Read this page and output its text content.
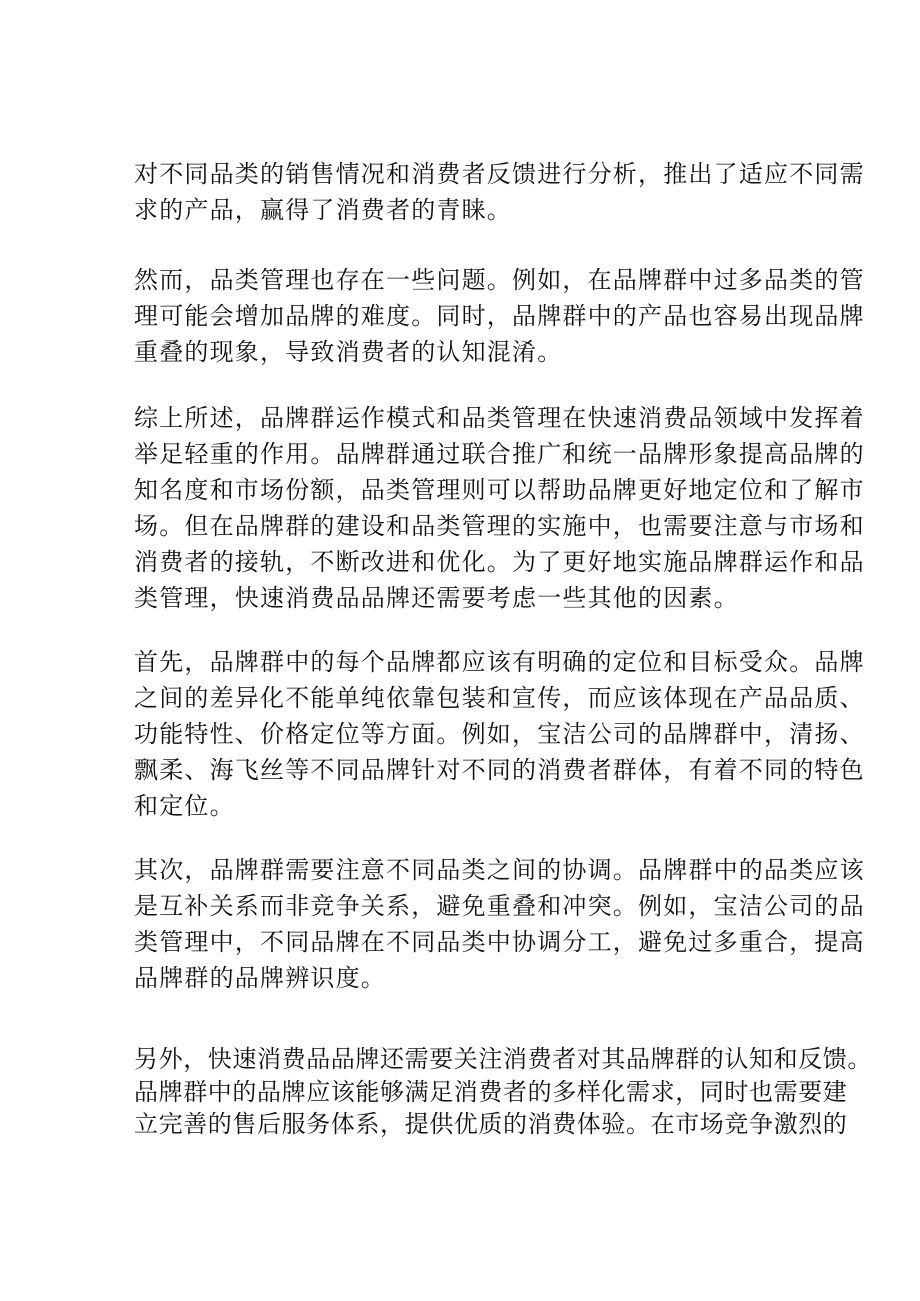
对不同品类的销售情况和消费者反馈进行分析，推出了适应不同需
求的产品，赢得了消费者的青睐。
然而，品类管理也存在一些问题。例如，在品牌群中过多品类的管
理可能会增加品牌的难度。同时，品牌群中的产品也容易出现品牌
重叠的现象，导致消费者的认知混淆。
综上所述，品牌群运作模式和品类管理在快速消费品领域中发挥着
举足轻重的作用。品牌群通过联合推广和统一品牌形象提高品牌的
知名度和市场份额，品类管理则可以帮助品牌更好地定位和了解市
场。但在品牌群的建设和品类管理的实施中，也需要注意与市场和
消费者的接轨，不断改进和优化。为了更好地实施品牌群运作和品
类管理，快速消费品品牌还需要考虑一些其他的因素。
首先，品牌群中的每个品牌都应该有明确的定位和目标受众。品牌
之间的差异化不能单纯依靠包装和宣传，而应该体现在产品品质、
功能特性、价格定位等方面。例如，宝洁公司的品牌群中，清扬、
飘柔、海飞丝等不同品牌针对不同的消费者群体，有着不同的特色
和定位。
其次，品牌群需要注意不同品类之间的协调。品牌群中的品类应该
是互补关系而非竞争关系，避免重叠和冲突。例如，宝洁公司的品
类管理中，不同品牌在不同品类中协调分工，避免过多重合，提高
品牌群的品牌辨识度。
另外，快速消费品品牌还需要关注消费者对其品牌群的认知和反馈。
品牌群中的品牌应该能够满足消费者的多样化需求，同时也需要建
立完善的售后服务体系，提供优质的消费体验。在市场竞争激烈的
